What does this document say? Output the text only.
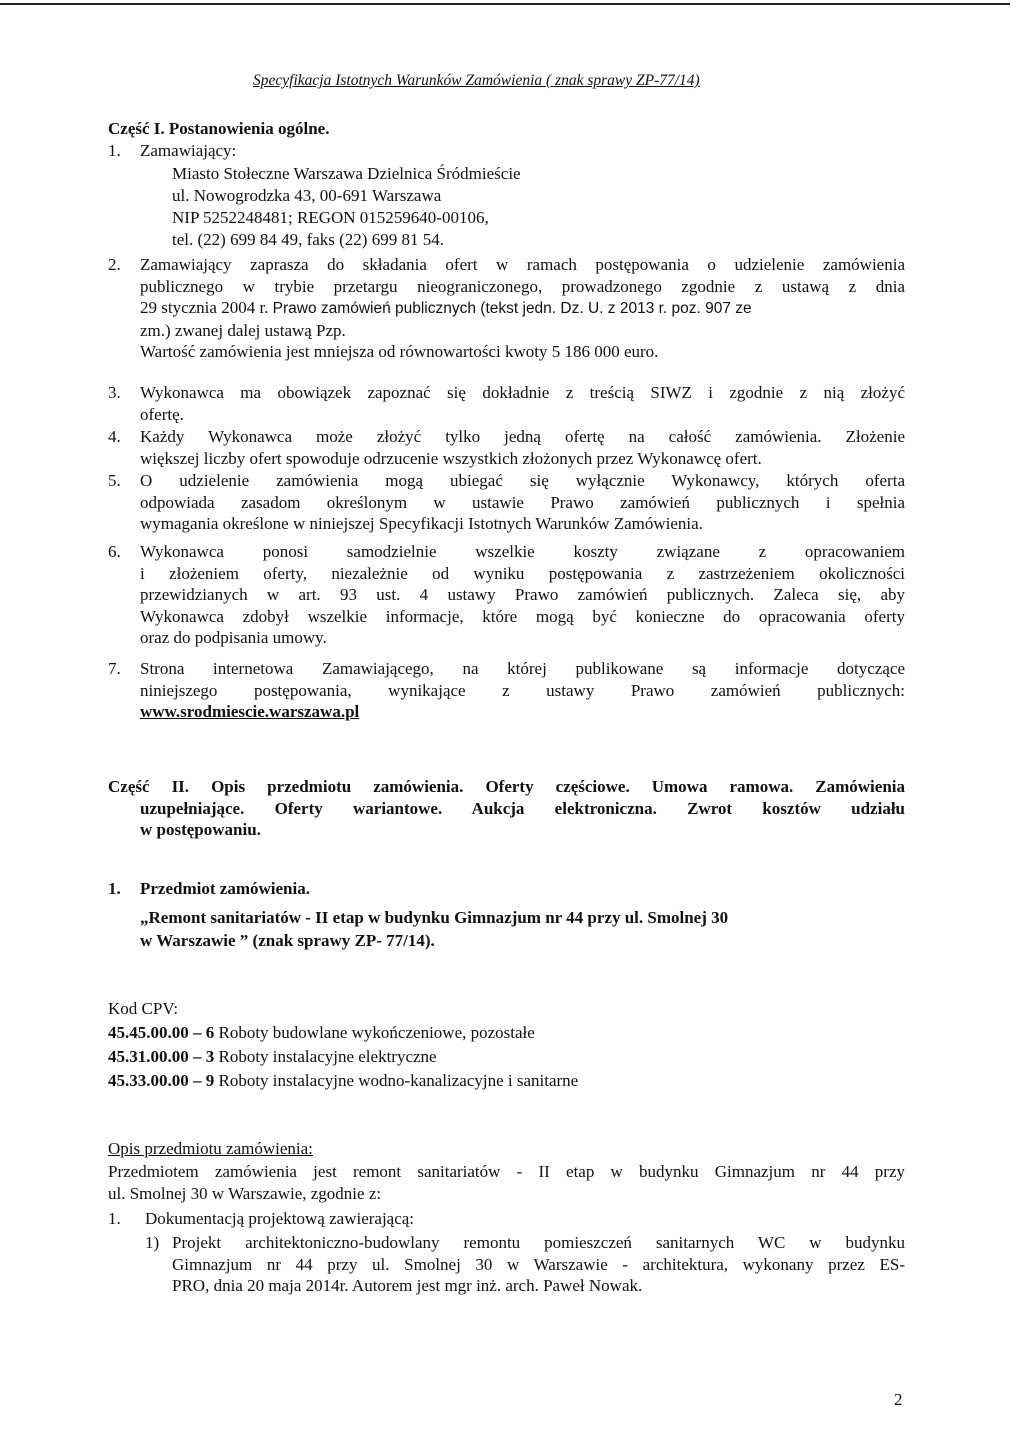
Specyfikacja Istotnych Warunków Zamówienia ( znak sprawy ZP-77/14)
Część I. Postanowienia ogólne.
1. Zamawiający:
Miasto Stołeczne Warszawa Dzielnica Śródmieście
ul. Nowogrodzka 43, 00-691 Warszawa
NIP 5252248481; REGON 015259640-00106,
tel. (22) 699 84 49, faks (22) 699 81 54.
2. Zamawiający zaprasza do składania ofert w ramach postępowania o udzielenie zamówienia
publicznego w trybie przetargu nieograniczonego, prowadzonego zgodnie z ustawą z dnia
29 stycznia 2004 r. Prawo zamówień publicznych (tekst jedn. Dz. U. z 2013 r. poz. 907 ze
zm.) zwanej dalej ustawą Pzp.
Wartość zamówienia jest mniejsza od równowartości kwoty 5 186 000 euro.
3. Wykonawca ma obowiązek zapoznać się dokładnie z treścią SIWZ i zgodnie z nią złożyć
ofertę.
4. Każdy Wykonawca może złożyć tylko jedną ofertę na całość zamówienia. Złożenie
większej liczby ofert spowoduje odrzucenie wszystkich złożonych przez Wykonawcę ofert.
5. O udzielenie zamówienia mogą ubiegać się wyłącznie Wykonawcy, których oferta
odpowiada zasadom określonym w ustawie Prawo zamówień publicznych i spełnia
wymagania określone w niniejszej Specyfikacji Istotnych Warunków Zamówienia.
6. Wykonawca ponosi samodzielnie wszelkie koszty związane z opracowaniem
i złożeniem oferty, niezależnie od wyniku postępowania z zastrzeżeniem okoliczności
przewidzianych w art. 93 ust. 4 ustawy Prawo zamówień publicznych. Zaleca się, aby
Wykonawca zdobył wszelkie informacje, które mogą być konieczne do opracowania oferty
oraz do podpisania umowy.
7. Strona internetowa Zamawiającego, na której publikowane są informacje dotyczące
niniejszego postępowania, wynikające z ustawy Prawo zamówień publicznych:
www.srodmiescie.warszawa.pl
Część II. Opis przedmiotu zamówienia. Oferty częściowe. Umowa ramowa. Zamówienia
uzupełniające. Oferty wariantowe. Aukcja elektroniczna. Zwrot kosztów udziału
w postępowaniu.
1. Przedmiot zamówienia.
„Remont sanitariatów - II etap w budynku Gimnazjum nr 44 przy ul. Smolnej 30
w Warszawie ” (znak sprawy ZP- 77/14).
Kod CPV:
45.45.00.00 – 6 Roboty budowlane wykończeniowe, pozostałe
45.31.00.00 – 3 Roboty instalacyjne elektryczne
45.33.00.00 – 9 Roboty instalacyjne wodno-kanalizacyjne i sanitarne
Opis przedmiotu zamówienia:
Przedmiotem zamówienia jest remont sanitariatów - II etap w budynku Gimnazjum nr 44 przy
ul. Smolnej 30 w Warszawie, zgodnie z:
1. Dokumentacją projektową zawierającą:
1) Projekt architektoniczno-budowlany remontu pomieszczeń sanitarnych WC w budynku
Gimnazjum nr 44 przy ul. Smolnej 30 w Warszawie - architektura, wykonany przez ES-
PRO, dnia 20 maja 2014r. Autorem jest mgr inż. arch. Paweł Nowak.
2
